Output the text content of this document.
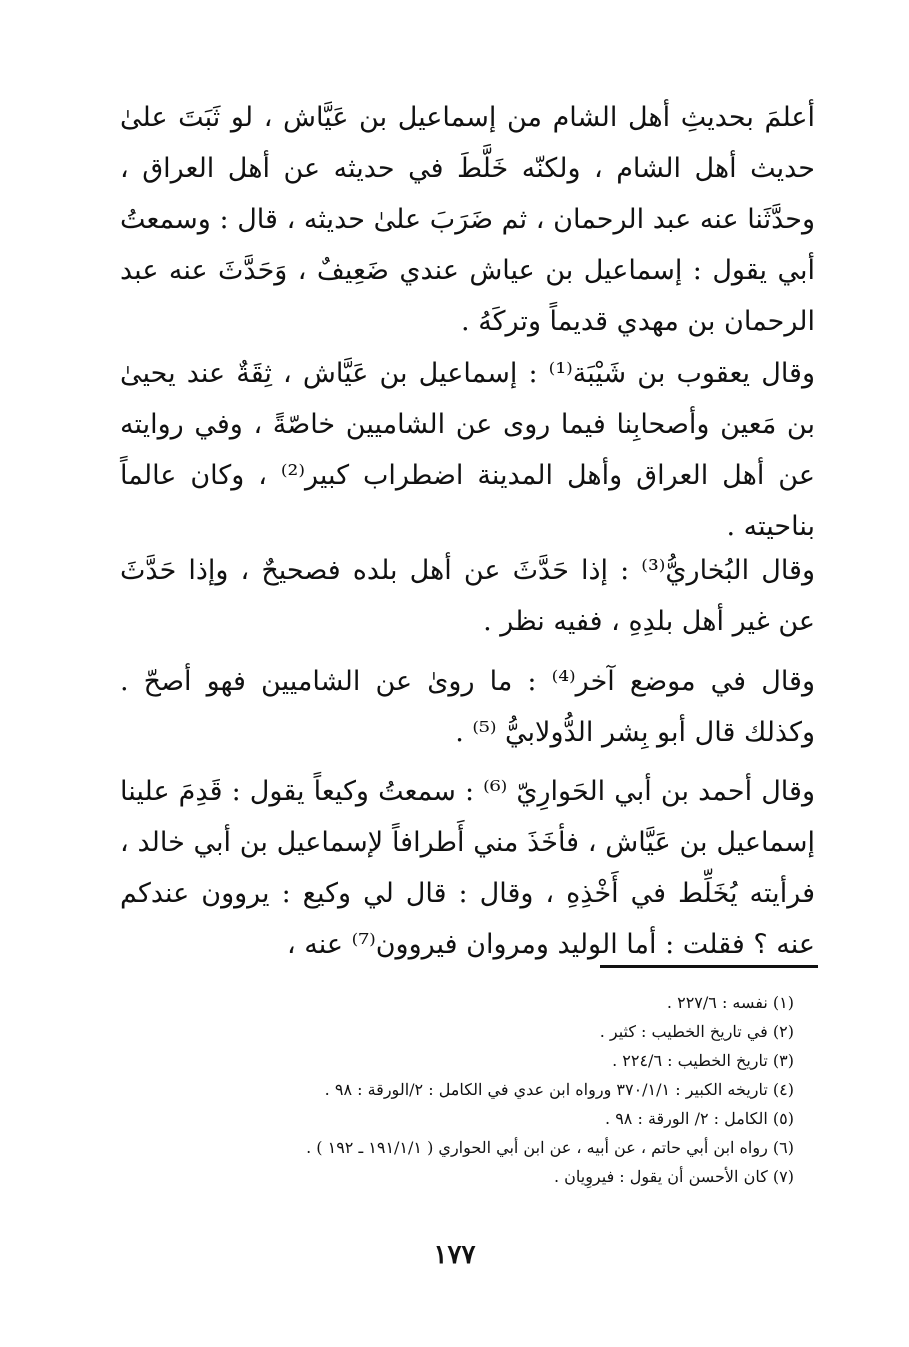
أعلمَ بحديثِ أهل الشام من إسماعيل بن عَيَّاش ، لو ثَبَتَ علىٰ حديث أهل الشام ، ولكنّه خَلَّطَ في حديثه عن أهل العراق ، وحدَّثَنا عنه عبد الرحمان ، ثم ضَرَبَ علىٰ حديثه ، قال : وسمعتُ أبي يقول : إسماعيل بن عياش عندي ضَعِيفٌ ، وَحَدَّثَ عنه عبد الرحمان بن مهدي قديماً وتركَهُ .

وقال يعقوب بن شَيْبَة⁽¹⁾ : إسماعيل بن عَيَّاش ، ثِقَةٌ عند يحيىٰ بن مَعين وأصحابِنا فيما روى عن الشاميين خاصّةً ، وفي روايته عن أهل العراق وأهل المدينة اضطراب كبير⁽²⁾ ، وكان عالماً بناحيته .

وقال البُخاريُّ⁽³⁾ : إذا حَدَّثَ عن أهل بلده فصحيحٌ ، وإذا حَدَّثَ عن غير أهل بلدِهِ ، ففيه نظر .

وقال في موضع آخر⁽⁴⁾ : ما روىٰ عن الشاميين فهو أصحّ . وكذلك قال أبو بِشر الدُّولابيُّ ⁽⁵⁾ .

وقال أحمد بن أبي الحَوارِيّ ⁽⁶⁾ : سمعتُ وكيعاً يقول : قَدِمَ علينا إسماعيل بن عَيَّاش ، فأخَذَ مني أَطرافاً لإسماعيل بن أبي خالد ، فرأيته يُخَلِّط في أَخْذِهِ ، وقال : قال لي وكيع : يروون عندكم عنه ؟ فقلت : أما الوليد ومروان فيروون⁽⁷⁾ عنه ،

(١) نفسه : ٢٢٧/٦ .

(٢) في تاريخ الخطيب : كثير .

(٣) تاريخ الخطيب : ٢٢٤/٦ .

(٤) تاريخه الكبير : ٣٧٠/١/١ ورواه ابن عدي في الكامل : ٢/الورقة : ٩٨ .

(٥) الكامل : ٢/ الورقة : ٩٨ .

(٦) رواه ابن أبي حاتم ، عن أبيه ، عن ابن أبي الحواري ( ١٩١/١/١ ـ ١٩٢ ) .

(٧) كان الأحسن أن يقول : فيروِيان .

١٧٧
